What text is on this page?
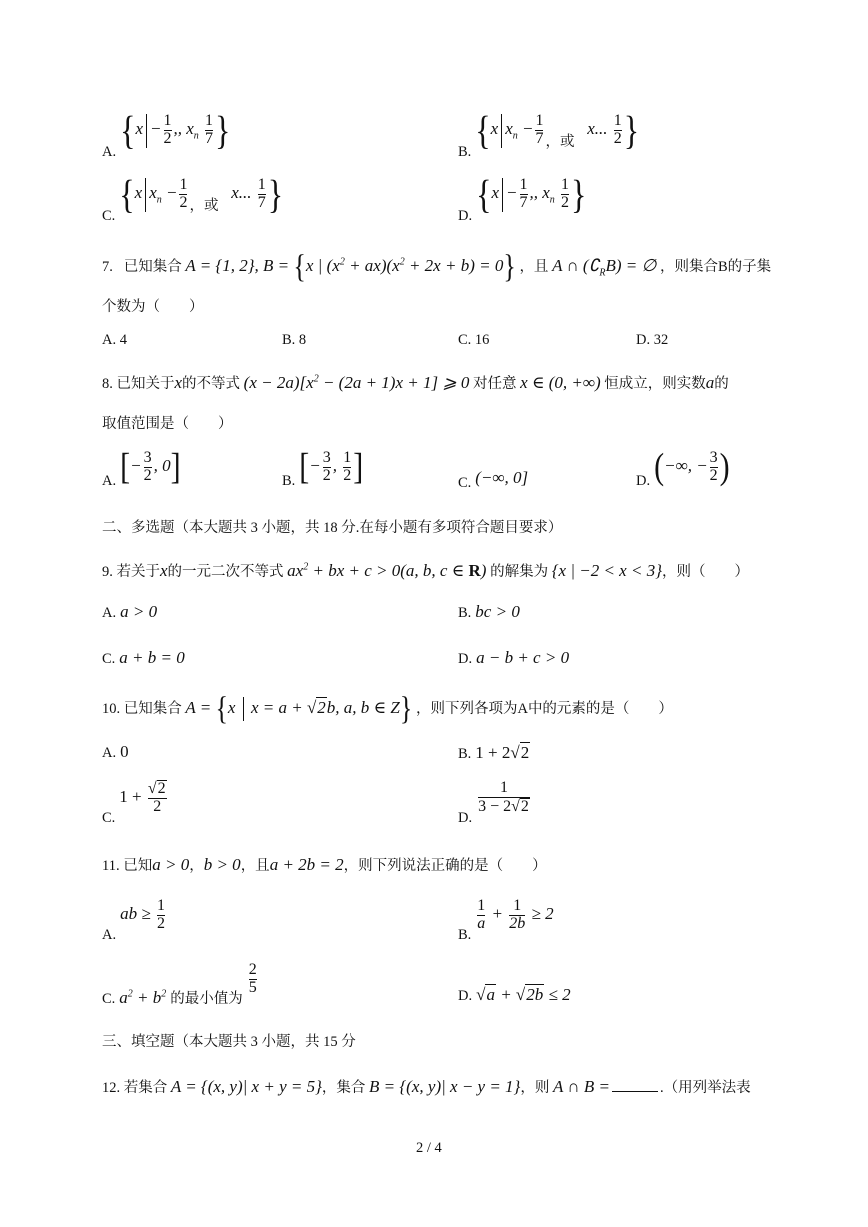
A. {$x - \frac{1}{2}$ ,, $x_n \frac{1}{7}$ }
B. {x $x_n - \frac{1}{7}$ ，或   x... $\frac{1}{2}$ }
C. {x $x_n - \frac{1}{2}$ ，或   x... $\frac{1}{7}$ }
D. {$x - \frac{1}{7}$ ,, $x_n \frac{1}{2}$ }
7. 已知集合 A = {1, 2}, B = {x | $(x^2 + ax)(x^2 + 2x + b) = 0$} ，且 A ∩ $(∁_RB)$ = ∅ ，则集合B的子集
个数为（　　）
A. 4	B. 8	C. 16	D. 32
8. 已知关于x的不等式 $(x - 2a)[x^2 - (2a + 1)x + 1]$ ⩾ 0 对任意 x ∈ (0, +∞) 恒成立，则实数a的
取值范围是（　　）
A. [− $\frac{3}{2}$ , 0]	B. [− $\frac{3}{2}$ , $\frac{1}{2}$ ]	C. (−∞, 0]	D. (−∞, − $\frac{3}{2}$ )
二、多选题（本大题共 3 小题，共 18 分.在每小题有多项符合题目要求）
9. 若关于x的一元二次不等式 $ax^2$ + bx + c > 0(a, b, c ∈ R) 的解集为 {x | −2 < x < 3}，则（　　）
A. a > 0	B. bc > 0
C. a + b = 0	D. a − b + c > 0
10. 已知集合 A = {x  x = a + √2b, a, b ∈ Z} ，则下列各项为A中的元素的是（　　）
A. 0	B. 1 + 2√2
C. $1 + \frac{√2}{2}$
D.
$\frac{1}{3 - 2√2}$
11. 已知a > 0，b > 0，且a + 2b = 2，则下列说法正确的是（　　）
A. ab ≥ $\frac{1}{2}$
B.
$\frac{1}{a} + \frac{1}{2b} \ge 2$
C. $a^2 + b^2$ 的最小值为
$\frac{2}{5}$	D. √a + √2b ≤ 2
三、填空题（本大题共 3 小题，共 15 分
12. 若集合 A = {(x, y)| x + y = 5}，集合 B = {(x, y)| x − y = 1}，则 A ∩ B =	.（用列举法表
2 / 4
